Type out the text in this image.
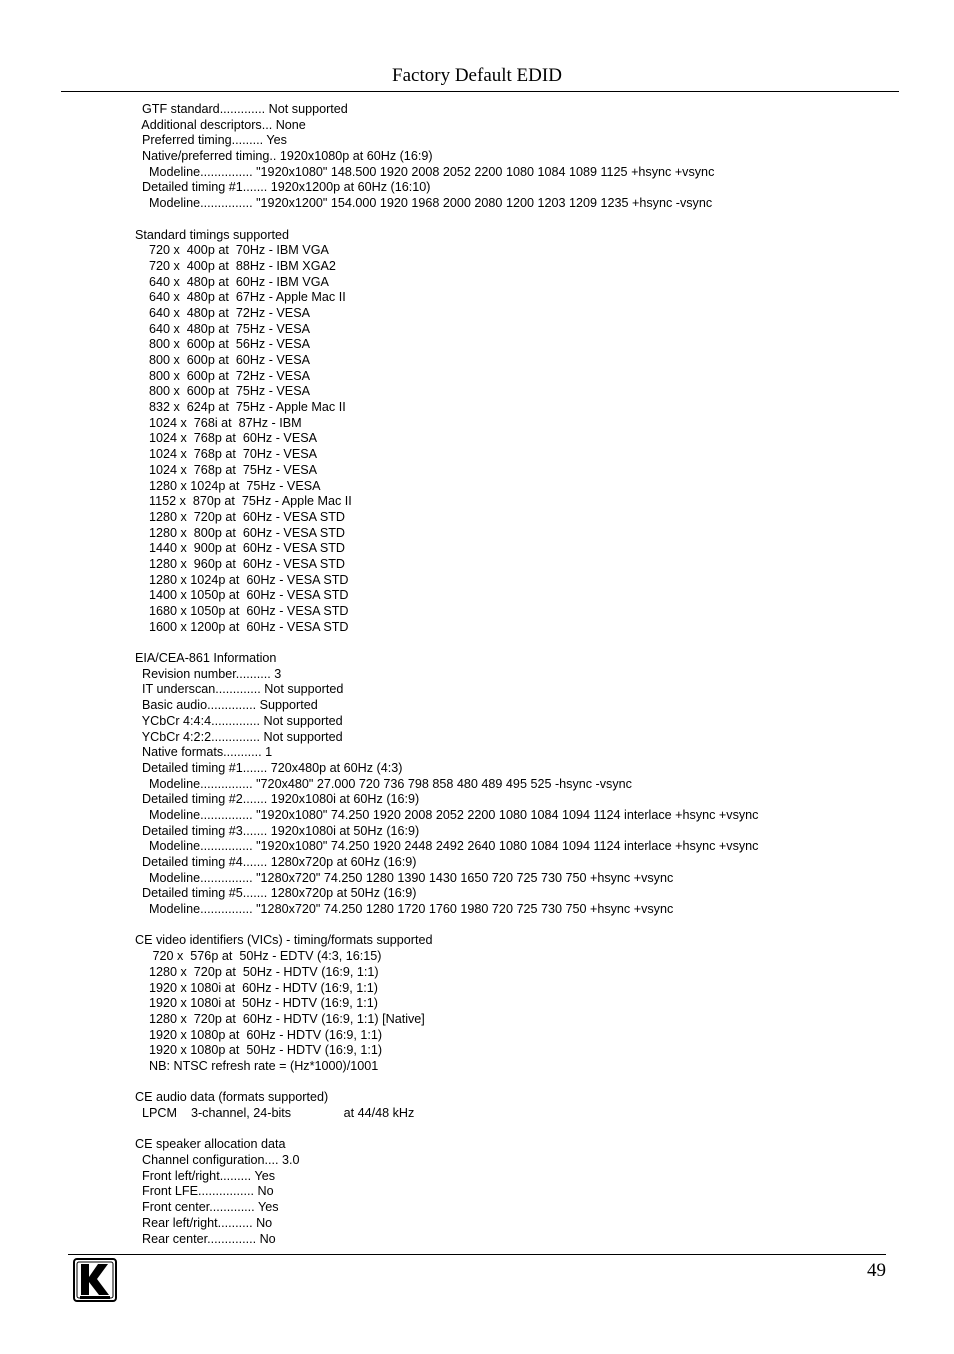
Factory Default EDID
GTF standard............. Not supported
Additional descriptors... None
Preferred timing......... Yes
Native/preferred timing.. 1920x1080p at 60Hz (16:9)
Modeline............... "1920x1080" 148.500 1920 2008 2052 2200 1080 1084 1089 1125 +hsync +vsync
Detailed timing #1....... 1920x1200p at 60Hz (16:10)
Modeline............... "1920x1200" 154.000 1920 1968 2000 2080 1200 1203 1209 1235 +hsync -vsync
Standard timings supported
720 x  400p at  70Hz - IBM VGA
720 x  400p at  88Hz - IBM XGA2
640 x  480p at  60Hz - IBM VGA
640 x  480p at  67Hz - Apple Mac II
640 x  480p at  72Hz - VESA
640 x  480p at  75Hz - VESA
800 x  600p at  56Hz - VESA
800 x  600p at  60Hz - VESA
800 x  600p at  72Hz - VESA
800 x  600p at  75Hz - VESA
832 x  624p at  75Hz - Apple Mac II
1024 x  768i at  87Hz - IBM
1024 x  768p at  60Hz - VESA
1024 x  768p at  70Hz - VESA
1024 x  768p at  75Hz - VESA
1280 x 1024p at  75Hz - VESA
1152 x  870p at  75Hz - Apple Mac II
1280 x  720p at  60Hz - VESA STD
1280 x  800p at  60Hz - VESA STD
1440 x  900p at  60Hz - VESA STD
1280 x  960p at  60Hz - VESA STD
1280 x 1024p at  60Hz - VESA STD
1400 x 1050p at  60Hz - VESA STD
1680 x 1050p at  60Hz - VESA STD
1600 x 1200p at  60Hz - VESA STD
EIA/CEA-861 Information
Revision number.......... 3
IT underscan............. Not supported
Basic audio.............. Supported
YCbCr 4:4:4.............. Not supported
YCbCr 4:2:2.............. Not supported
Native formats........... 1
Detailed timing #1....... 720x480p at 60Hz (4:3)
Modeline............... "720x480" 27.000 720 736 798 858 480 489 495 525 -hsync -vsync
Detailed timing #2....... 1920x1080i at 60Hz (16:9)
Modeline............... "1920x1080" 74.250 1920 2008 2052 2200 1080 1084 1094 1124 interlace +hsync +vsync
Detailed timing #3....... 1920x1080i at 50Hz (16:9)
Modeline............... "1920x1080" 74.250 1920 2448 2492 2640 1080 1084 1094 1124 interlace +hsync +vsync
Detailed timing #4....... 1280x720p at 60Hz (16:9)
Modeline............... "1280x720" 74.250 1280 1390 1430 1650 720 725 730 750 +hsync +vsync
Detailed timing #5....... 1280x720p at 50Hz (16:9)
Modeline............... "1280x720" 74.250 1280 1720 1760 1980 720 725 730 750 +hsync +vsync
CE video identifiers (VICs) - timing/formats supported
720 x  576p at  50Hz - EDTV (4:3, 16:15)
1280 x  720p at  50Hz - HDTV (16:9, 1:1)
1920 x 1080i at  60Hz - HDTV (16:9, 1:1)
1920 x 1080i at  50Hz - HDTV (16:9, 1:1)
1280 x  720p at  60Hz - HDTV (16:9, 1:1) [Native]
1920 x 1080p at  60Hz - HDTV (16:9, 1:1)
1920 x 1080p at  50Hz - HDTV (16:9, 1:1)
NB: NTSC refresh rate = (Hz*1000)/1001
CE audio data (formats supported)
LPCM    3-channel, 24-bits               at 44/48 kHz
CE speaker allocation data
Channel configuration.... 3.0
Front left/right......... Yes
Front LFE................ No
Front center............. Yes
Rear left/right.......... No
Rear center.............. No
49
